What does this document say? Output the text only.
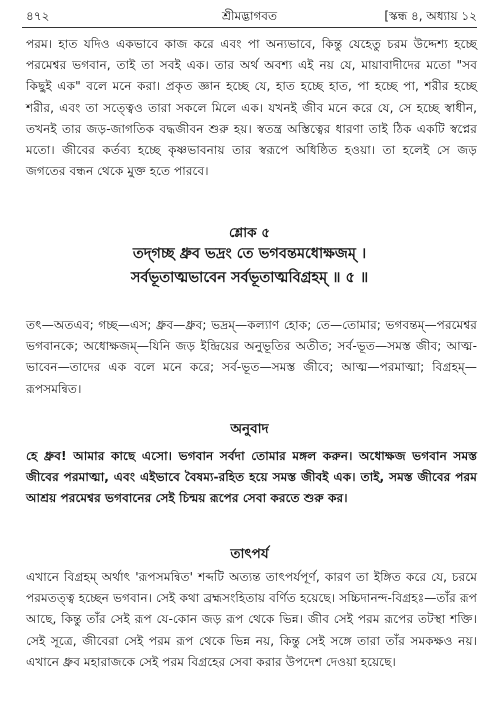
৪৭২	শ্রীমদ্ভাগবত	[স্কন্ধ ৪, অধ্যায় ১২
পরম। হাত যদিও একভাবে কাজ করে এবং পা অন্যভাবে, কিন্তু যেহেতু চরম উদ্দেশ্য হচ্ছে পরমেশ্বর ভগবান, তাই তা সবই এক। তার অর্থ অবশ্য এই নয় যে, মায়াবাদীদের মতো "সব কিছুই এক" বলে মনে করা। প্রকৃত জ্ঞান হচ্ছে যে, হাত হচ্ছে হাত, পা হচ্ছে পা, শরীর হচ্ছে শরীর, এবং তা সত্ত্বেও তারা সকলে মিলে এক। যখনই জীব মনে করে যে, সে হচ্ছে স্বাধীন, তখনই তার জড়-জাগতিক বদ্ধজীবন শুরু হয়। স্বতন্ত্র অস্তিত্বের ধারণা তাই ঠিক একটি স্বপ্নের মতো। জীবের কর্তব্য হচ্ছে কৃষ্ণভাবনায় তার স্বরূপে অধিষ্ঠিত হওয়া। তা হলেই সে জড় জগতের বন্ধন থেকে মুক্ত হতে পারবে।
শ্লোক ৫
তদ্‌গচ্ছ ধ্রুব ভদ্রং তে ভগবন্তমধোক্ষজম্‌ ।
সর্বভূতাত্মভাবেন সর্বভূতাত্মবিগ্রহম্‌ ॥ ৫ ॥
তৎ—অতএব; গচ্ছ—এস; ধ্রুব—ধ্রুব; ভদ্রম্‌—কল্যাণ হোক; তে—তোমার; ভগবন্তম্‌—পরমেশ্বর ভগবানকে; অধোক্ষজম্‌—যিনি জড় ইন্দ্রিয়ের অনুভূতির অতীত; সর্ব-ভূত—সমস্ত জীব; আত্ম-ভাবেন—তাদের এক বলে মনে করে; সর্ব-ভূত—সমস্ত জীবে; আত্ম—পরমাত্মা; বিগ্রহম্‌—রূপসমন্বিত।
অনুবাদ
হে ধ্রুব! আমার কাছে এসো। ভগবান সর্বদা তোমার মঙ্গল করুন। অধোক্ষজ ভগবান সমস্ত জীবের পরমাত্মা, এবং এইভাবে বৈষম্য-রহিত হয়ে সমস্ত জীবই এক। তাই, সমস্ত জীবের পরম আশ্রয় পরমেশ্বর ভগবানের সেই চিন্ময় রূপের সেবা করতে শুরু কর।
তাৎপর্য
এখানে বিগ্রহম্‌ অর্থাৎ 'রূপসমন্বিত' শব্দটি অত্যন্ত তাৎপর্যপূর্ণ, কারণ তা ইঙ্গিত করে যে, চরমে পরমতত্ত্ব হচ্ছেন ভগবান। সেই কথা ব্রহ্মসংহিতায় বর্ণিত হয়েছে। সচ্চিদানন্দ-বিগ্রহঃ—তাঁর রূপ আছে, কিন্তু তাঁর সেই রূপ যে-কোন জড় রূপ থেকে ভিন্ন। জীব সেই পরম রূপের তটস্থা শক্তি। সেই সূত্রে, জীবেরা সেই পরম রূপ থেকে ভিন্ন নয়, কিন্তু সেই সঙ্গে তারা তাঁর সমকক্ষও নয়। এখানে ধ্রুব মহারাজকে সেই পরম বিগ্রহের সেবা করার উপদেশ দেওয়া হয়েছে।
